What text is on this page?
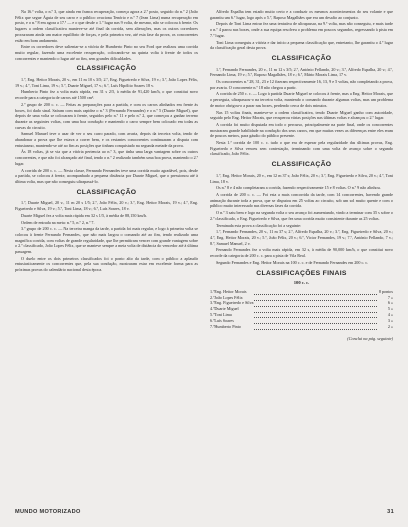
Na 16.ª volta, o n.º 3, que ainda em franca recuperação, começa agora a 2.º posto, seguido do n.º 2 (João Félix que segue Águia de seu carro e o público ovaciona Tenório e n.º 7 (Jean Lima) numa recuperação em posto, e o n.º 8 em agora a 17.ª — e o que desde o 1.º lugar nas 9 volta, de mesmo, não se colocou à frente. Os lugares a ordem classificativa manteve-se até final da corrida, sem alterações, mas os outros corredores procuraram ainda um maior equilíbrio de forças, e pela primeira vez, até esta fase da prova, os concorrentes estão em bom andamento.

Entre os corredores deve salientar-se a vitória de Humberto Pinto no seu Ford que realizou uma corrida muito regular, fazendo uma excelente recuperação, colocando-se na quinta volta à frente de todos os concorrentes e mantendo o lugar até ao fim, sem grandes dificuldades.

CLASSIFICAÇÃO

1.º, Eng. Heitor Morais, 20 v., em 11 m 10 s 3/5; 2.º, Eng. Figueiredo e Silva, 19 v.; 3.º, João Lopes Félix, 19 v.; 4.º, Toni Lima, 19 v.; 5.º, Duarte Miguel, 17 v.; 6.º, Luís Hipólito Soares 18 v.

Humberto Pinto fez a volta mais rápida, em 31 s 2/5, à média de 91,420 km/h, o que constitui novo recorde para a categoria de carros até 1500 cm³.

2.º grupo de 200 c. c. — Feitas as preparações para a partida, e com os carros alinhados em frente às boxes, foi dado sinal. Saíram com mais rapidez o n.º 3 (Fernando Fernandes) e o n.º 5 (Duarte Miguel), que depois de uma volta se colocaram à frente, seguidos pelo n.º 11 e pelo n.º 2, que começou a ganhar terreno durante as seguintes voltas, com uma boa condução e mantendo o carro sempre bem colocado em todas as curvas do circuito.

Samuel Manuel teve o azar de ver o seu carro parado, com avaria, depois da terceira volta, tendo de abandonar a prova que lhe estava a correr bem, e os restantes concorrentes continuaram a disputa com entusiasmo, mantendo-se até ao fim as posições que tinham conquistado na segunda metade da prova.

Às 18 voltas, já se via que a vitória pertencia ao n.º 3, que tinha uma larga vantagem sobre os outros concorrentes, e que não foi alcançado até final, tendo o n.º 2 realizado também uma boa prova, mantendo o 2.º lugar.

A corrida de 200 c. c. — Nesta classe, Fernando Fernandes teve uma corrida muito agradável, pois, desde a partida, se colocou à frente, acompanhado a pequena distância por Duarte Miguel, que o pressionou até à última volta, mas que não conseguiu ultrapassá-lo.

CLASSIFICAÇÃO

1.º, Duarte Miguel, 20 v., 11 m 20 s 1/5; 2.º, João Félix, 20 v.; 3.º, Eng. Heitor Morais, 19 v.; 4.º, Eng. Figueiredo e Silva, 19 v.; 5.º, Toni Lima, 18 v.; 6.º, Luís Soares, 18 v.

Duarte Miguel fez a volta mais rápida em 32 s 1/5, à média de 88,150 km/h.

Ordem de entrada na meta: n.º 5, n.º 2, n.º 7.

3.º grupo de 200 c. c. — Na terceira manga da tarde, a partida foi mais regular, e logo à primeira volta se colocou à frente Fernando Fernandes, que não mais largou o comando até ao fim, tendo realizado uma magnífica corrida, com voltas de grande regularidade, que lhe permitiram vencer com grande vantagem sobre o 2.º classificado, João Lopes Félix, que se manteve sempre a meia volta de distância do vencedor até à última passagem.

O duelo entre os dois primeiros classificados foi o ponto alto da tarde, com o público a aplaudir entusiasticamente os concorrentes que, pela sua condução, mostraram estar em excelente forma para as próximas provas do calendário nacional desta época.

Alfredo Espalha tem estado muito certo e a conduzir os mesmos acontecimentos do seu volante e que garantiu um 6.º lugar, logo após o 5.º, Raposo Magalhães que era um desafio ao conjunto.

Depois de Toni Lima entrar fez uma tentativa de ultrapassar, na 9.ª volta, mas não conseguiu, e mais tarde o n.º 4 parou nas boxes, onde a sua equipa resolveu o problema em poucos segundos, regressando à pista em 7.º lugar.

Toni Lima conseguiu a vitória e dar início a pequena classificação que, entretanto, lhe garantiu o 4.º lugar da classificação geral desta prova.

CLASSIFICAÇÃO

1.º, Fernando Fernandes, 20 v., 11 m 12 s 3/5; 2.º, António Fellando, 20 v.; 3.º, Alfredo Espalha, 20 v.; 4.º, Fernando Lima, 19 v.; 5.º, Raposo Magalhães, 18 v.; 6.º, Mário Morais Lima, 17 v.

Os concorrentes n.º 28, 31, 23 e 12 fizeram respectivamente 16, 13, 9 e 5 voltas, não completando a prova, por avaria. O concorrente n.º 18 não chegou a partir.

A corrida de 250 c. c. — Logo à partida Duarte Miguel se colocou à frente, mas a Eng. Heitor Morais, que o perseguia, ultrapassou-o na terceira volta, mantendo o comando durante algumas voltas, mas um problema de motor obrigou-o a parar nas boxes, perdendo cerca de dois minutos.

Nas 15 voltas finais, manteve-se a ordem classificativa, tendo Duarte Miguel ganho com autoridade, seguido pelo Eng. Heitor Morais, que recuperou várias posições nas últimas voltas e alcançou o 2.º lugar.

A corrida foi muito disputada em todo o percurso, principalmente na parte final, onde os concorrentes mostraram grande habilidade na condução dos seus carros, em que muitas vezes as diferenças entre eles eram de poucos metros, para gáudio do público presente.

Nesta 1.ª corrida de 100 c. c. tudo o que era de esperar pela regularidade das últimas provas, Eng. Figueiredo e Silva venceu sem contestação, terminando com uma volta de avanço sobre o segundo classificado, João Félix.

CLASSIFICAÇÃO

1.º, Eng. Heitor Morais, 20 v., em 12 m 37 s; João Félix, 20 v.; 3.º, Eng. Figueiredo e Silva, 20 v.; 4.º, Toni Lima, 18 v.

Os n.º 8 e 4 não completaram a corrida, fazendo respectivamente 15 e 8 voltas. O n.º 9 não alinhou.

A corrida de 200 c. c. — Foi esta a mais concorrida da tarde, com 14 concorrentes, havendo grande animação durante toda a prova, que se disputou em 25 voltas ao circuito, sob um sol muito quente e com o público muito interessado nas diversas fases da corrida.

O n.º 3 saiu bem e logo na segunda volta o seu avanço foi aumentando, vindo a terminar com 35 s sobre o 2.º classificado, o Eng. Figueiredo e Silva, que fez uma corrida muito consistente durante as 25 voltas.

Terminada esta prova a classificação foi a seguinte:

1.º, Fernando Fernandes, 20 v., 11 m 37 s; 2.º, Alfredo Espalha, 20 v.; 3.º, Eng. Figueiredo e Silva, 20 v.; 4.º, Eng. Heitor Morais, 20 v.; 5.º, João Félix, 20 v.; 6.º, Victor Fernandes, 19 v.; 7.º, António Fellando, 7 v.; 8.º, Samuel Manuel, 2 v.

Fernando Fernandes fez a volta mais rápida, em 32 s, à média de 90,000 km/h, o que constitui novo recorde da categoria de 200 c. c. para a pista de Vila Real.

Segundo Fernandes e Eng. Heitor Morais na 100 c. c. e de Fernando Fernandes em 200 c. c.

CLASSIFICAÇÕES FINAIS
100 c. c.
1.º	Eng. Heitor Morais		8 pontos
2.º	João Lopes Félix		7 »
3.º	Eng. Figueiredo e Silva		6 »
4.º	Duarte Miguel		5 »
5.º	Toni Lima		4 »
6.º	Luís Soares		3 »
7.º	Humberto Pinto		2 »
(Conclui na pág. seguinte)
MUNDO MOTORIZADO	31
